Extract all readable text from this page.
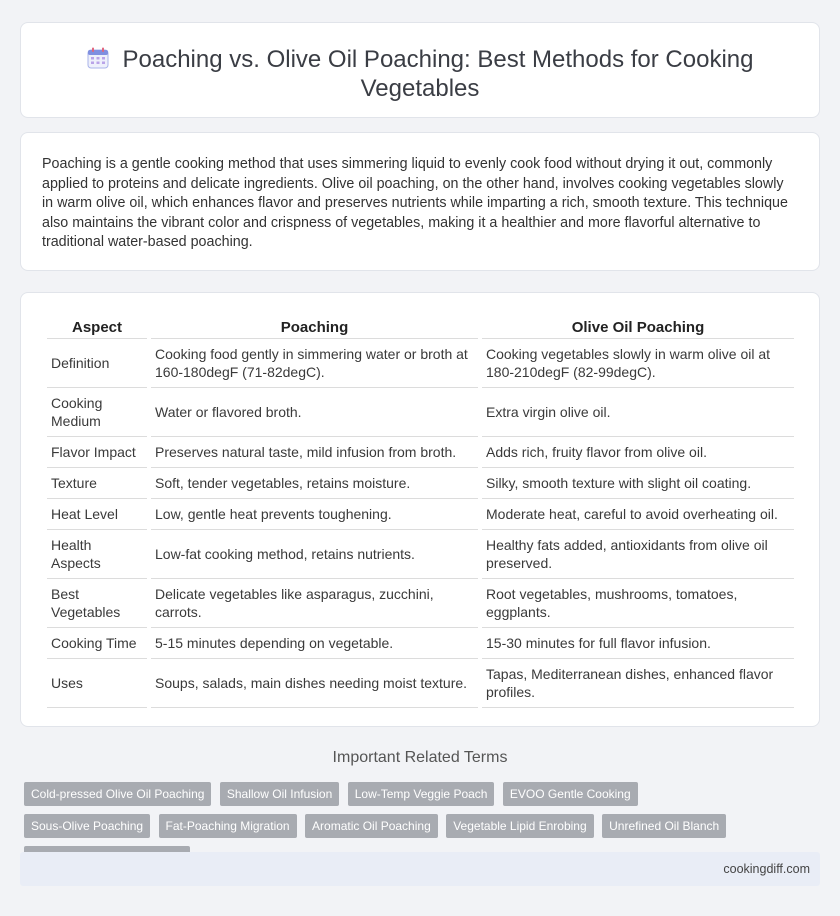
Poaching vs. Olive Oil Poaching: Best Methods for Cooking Vegetables

Poaching is a gentle cooking method that uses simmering liquid to evenly cook food without drying it out, commonly applied to proteins and delicate ingredients. Olive oil poaching, on the other hand, involves cooking vegetables slowly in warm olive oil, which enhances flavor and preserves nutrients while imparting a rich, smooth texture. This technique also maintains the vibrant color and crispness of vegetables, making it a healthier and more flavorful alternative to traditional water-based poaching.

Aspect	Poaching	Olive Oil Poaching
Definition	Cooking food gently in simmering water or broth at 160-180degF (71-82degC).	Cooking vegetables slowly in warm olive oil at 180-210degF (82-99degC).
Cooking Medium	Water or flavored broth.	Extra virgin olive oil.
Flavor Impact	Preserves natural taste, mild infusion from broth.	Adds rich, fruity flavor from olive oil.
Texture	Soft, tender vegetables, retains moisture.	Silky, smooth texture with slight oil coating.
Heat Level	Low, gentle heat prevents toughening.	Moderate heat, careful to avoid overheating oil.
Health Aspects	Low-fat cooking method, retains nutrients.	Healthy fats added, antioxidants from olive oil preserved.
Best Vegetables	Delicate vegetables like asparagus, zucchini, carrots.	Root vegetables, mushrooms, tomatoes, eggplants.
Cooking Time	5-15 minutes depending on vegetable.	15-30 minutes for full flavor infusion.
Uses	Soups, salads, main dishes needing moist texture.	Tapas, Mediterranean dishes, enhanced flavor profiles.
Important Related Terms
Cold-pressed Olive Oil Poaching Shallow Oil Infusion Low-Temp Veggie Poach EVOO Gentle Cooking Sous-Olive Poaching Fat-Poaching Migration Aromatic Oil Poaching Vegetable Lipid Enrobing Unrefined Oil Blanch
cookingdiff.com
